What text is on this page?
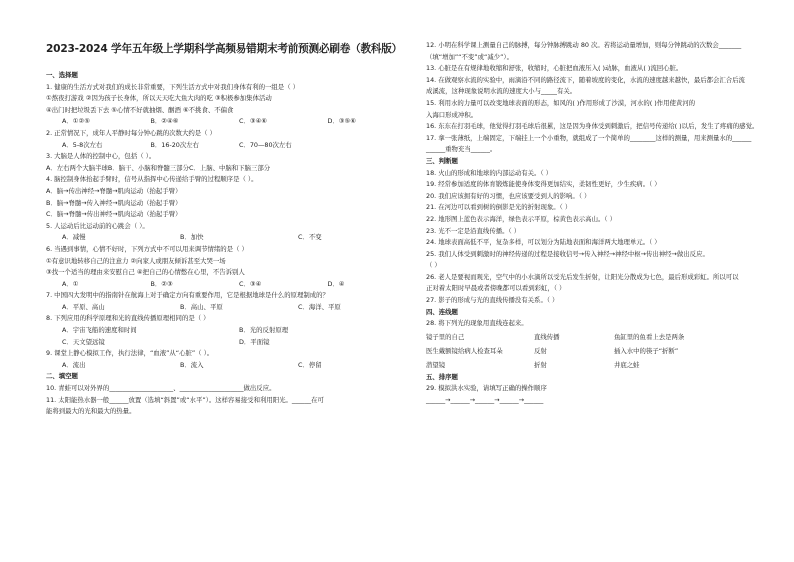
2023-2024 学年五年级上学期科学高频易错期末考前预测必刷卷（教科版）
一、选择题
1. 健康的生活方式对我们的成长非常重要，下列生活方式中对我们身体有利的一组是（ ）
①熬夜打游戏 ②因为孩子长身体，所以天天吃大鱼大肉的吃 ③积极参加集体活动
④出门时把垃圾丢下去 ⑤心情不好就抽烟、酗酒 ⑥不挑食、不偏食
A．①②⑤	B．②④⑥	C．③④⑥	D．③⑤⑥
2. 正常情况下，成年人平静时每分钟心跳的次数大约是（ ）
A．5-8次左右	B．16-20次左右	C．70—80次左右
3. 大脑是人体的控制中心，包括（ ）。
A．左右两个大脑半球B．脑干、小脑和脊髓三部分C．上脑、中脑和下脑三部分
4. 脑控制身体抬起手臂时，信号从指挥中心传递给手臂的过程顺序是（ ）。
A．脑→传出神经→脊髓→肌肉运动（抬起手臂）
B．脑→脊髓→传入神经→肌肉运动（抬起手臂）
C．脑→脊髓→传出神经→肌肉运动（抬起手臂）
5. 人运动后比运动前的心跳会（ ）。
A．减慢	B．加快	C．不变
6. 当遇到事情，心情不好时，下列方式中不可以用来调节情绪的是（ ）
①有意识地转移自己的注意力 ②向家人或朋友倾诉甚至大哭一场
③找一个适当的理由来安慰自己 ④把自己的心情憋在心里，不告诉别人
A．①	B．②③	C．③④	D．④
7. 中国四大发明中的指南针在航海上对于确定方向有重要作用，它是根据地球是什么的原理制成的？
A．平原、高山	B．高山、平原	C．海洋、平原
8. 下列应用的科学原理和光的直线传播原理相同的是（ ）
A．宇宙飞船的速度和时间	B．光的反射原理
C．天文望远镜	D．平面镜
9. 课堂上静心模拟工作，执行法律，“血液”从“心脏”（ ）。
A．流出	B．流入	C．停留
二、填空题
10. 青蛙可以对外界的____________________、____________________做出反应。
11. 太阳能热水器一般______放置（选填“斜置”或“水平”）。这样容易接受和利用阳光。______在可
能将到最大的光和最大的热量。
12. 小明在科学课上测量自己的脉搏，每分钟脉搏跳动 80 次。若将运动量增加，则每分钟跳动的次数会_______
（填“增加”“不变”或“减少”）。
13. 心脏是在有规律地收缩和舒张，收缩时，心脏把血液压入( )动脉，血液从( )流回心脏。
14. 在做观察水流的实验中，雨滴沿不同的路径流下，随着坡度的变化，水流的速度越来越快，最后都会汇合后流
成溪流，这种现象说明水流的速度大小与_____有关。
15. 利用水的力量可以改变地球表面的形态，如风的( )作用形成了沙漠，河水的( )作用使黄河的
入海口形成冲积。
16. 东东在打羽毛球，他觉得打羽毛球后很累，这是因为身体受到刺激后，把信号传递给( )以后，发生了疼痛的感觉。
17. 拿一张薄纸，上端固定，下端挂上一个小重物，就组成了一个简单的________这样的测量，用来测量水的______
______重物充当______。
三、判断题
18. 火山的形成和地球的内部运动有关。（ ）
19. 经常参加适度的体育锻炼能使身体变得更加结实，柔韧性更好，少生疾病。（ ）
20. 我们应该拥有好的习惯，也应该要受到人的影响。（ ）
21. 在河边可以看到树的倒影是光的折射现象。（ ）
22. 地形图上蓝色表示海洋，绿色表示平原，棕黄色表示高山。（ ）
23. 光不一定是沿直线传播。（ ）
24. 地球表面高低不平，复杂多样，可以划分为陆地表面和海洋两大地理单元。（ ）
25. 我们人体受到刺激时的神经传递的过程是接收信号→传入神经→神经中枢→传出神经→做出反应。
（ ）
26. 老人是要视而观光，空气中的小水滴所以受光后发生折射，让阳光分散成为七色，最后形成彩虹。所以可以
正对着太阳时早晨或者傍晚都可以看到彩虹，（ ）
27. 影子的形成与光的直线传播没有关系。（ ）
四、连线题
28. 将下列光的现象用直线连起来。
镜子里的自己	直线传播	鱼缸里的鱼看上去是两条
医生戴额镜给病人检查耳朵	反射	插入水中的筷子“折断”
潜望镜	折射	井底之蛙
五、排序题
29. 模拟洪水实验，请填写正确的操作顺序
______→______→______→______→______
